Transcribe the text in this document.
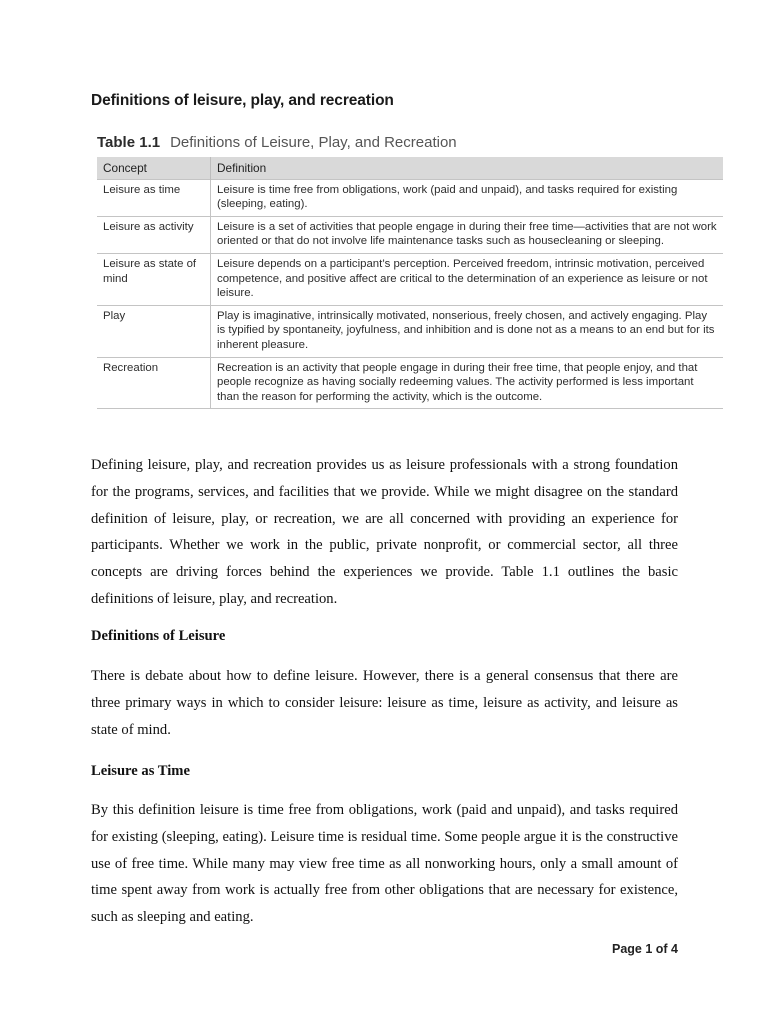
Definitions of leisure, play, and recreation
Table 1.1 Definitions of Leisure, Play, and Recreation
Concept	Definition
Leisure as time	Leisure is time free from obligations, work (paid and unpaid), and tasks required for existing (sleeping, eating).
Leisure as activity	Leisure is a set of activities that people engage in during their free time—activities that are not work oriented or that do not involve life maintenance tasks such as housecleaning or sleeping.
Leisure as state of mind	Leisure depends on a participant’s perception. Perceived freedom, intrinsic motivation, perceived competence, and positive affect are critical to the determination of an experience as leisure or not leisure.
Play	Play is imaginative, intrinsically motivated, nonserious, freely chosen, and actively engaging. Play is typified by spontaneity, joyfulness, and inhibition and is done not as a means to an end but for its inherent pleasure.
Recreation	Recreation is an activity that people engage in during their free time, that people enjoy, and that people recognize as having socially redeeming values. The activity performed is less important than the reason for performing the activity, which is the outcome.

Defining leisure, play, and recreation provides us as leisure professionals with a strong foundation for the programs, services, and facilities that we provide. While we might disagree on the standard definition of leisure, play, or recreation, we are all concerned with providing an experience for participants. Whether we work in the public, private nonprofit, or commercial sector, all three concepts are driving forces behind the experiences we provide. Table 1.1 outlines the basic definitions of leisure, play, and recreation.

Definitions of Leisure

There is debate about how to define leisure. However, there is a general consensus that there are three primary ways in which to consider leisure: leisure as time, leisure as activity, and leisure as state of mind.

Leisure as Time

By this definition leisure is time free from obligations, work (paid and unpaid), and tasks required for existing (sleeping, eating). Leisure time is residual time. Some people argue it is the constructive use of free time. While many may view free time as all nonworking hours, only a small amount of time spent away from work is actually free from other obligations that are necessary for existence, such as sleeping and eating.

Page 1 of 4
